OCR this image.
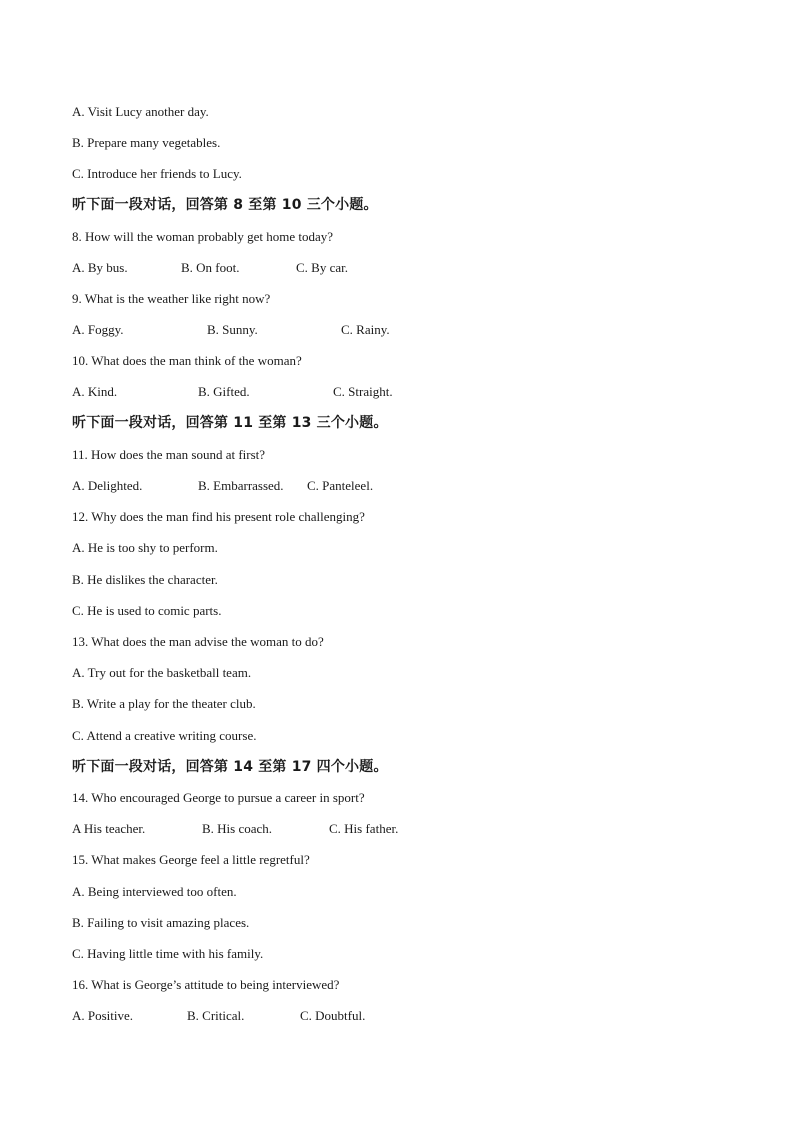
A. Visit Lucy another day.
B. Prepare many vegetables.
C. Introduce her friends to Lucy.
听下面一段对话，回答第 8 至第 10 三个小题。
8. How will the woman probably get home today?
A. By bus.	B. On foot.	C. By car.
9. What is the weather like right now?
A. Foggy.	B. Sunny.	C. Rainy.
10. What does the man think of the woman?
A. Kind.	B. Gifted.	C. Straight.
听下面一段对话，回答第 11 至第 13 三个小题。
11. How does the man sound at first?
A. Delighted.	B. Embarrassed. C. Panteleel.
12. Why does the man find his present role challenging?
A. He is too shy to perform.
B. He dislikes the character.
C. He is used to comic parts.
13. What does the man advise the woman to do?
A. Try out for the basketball team.
B. Write a play for the theater club.
C. Attend a creative writing course.
听下面一段对话，回答第 14 至第 17 四个小题。
14. Who encouraged George to pursue a career in sport?
A His teacher.	B. His coach.	C. His father.
15. What makes George feel a little regretful?
A. Being interviewed too often.
B. Failing to visit amazing places.
C. Having little time with his family.
16. What is George’s attitude to being interviewed?
A. Positive.	B. Critical.	C. Doubtful.
